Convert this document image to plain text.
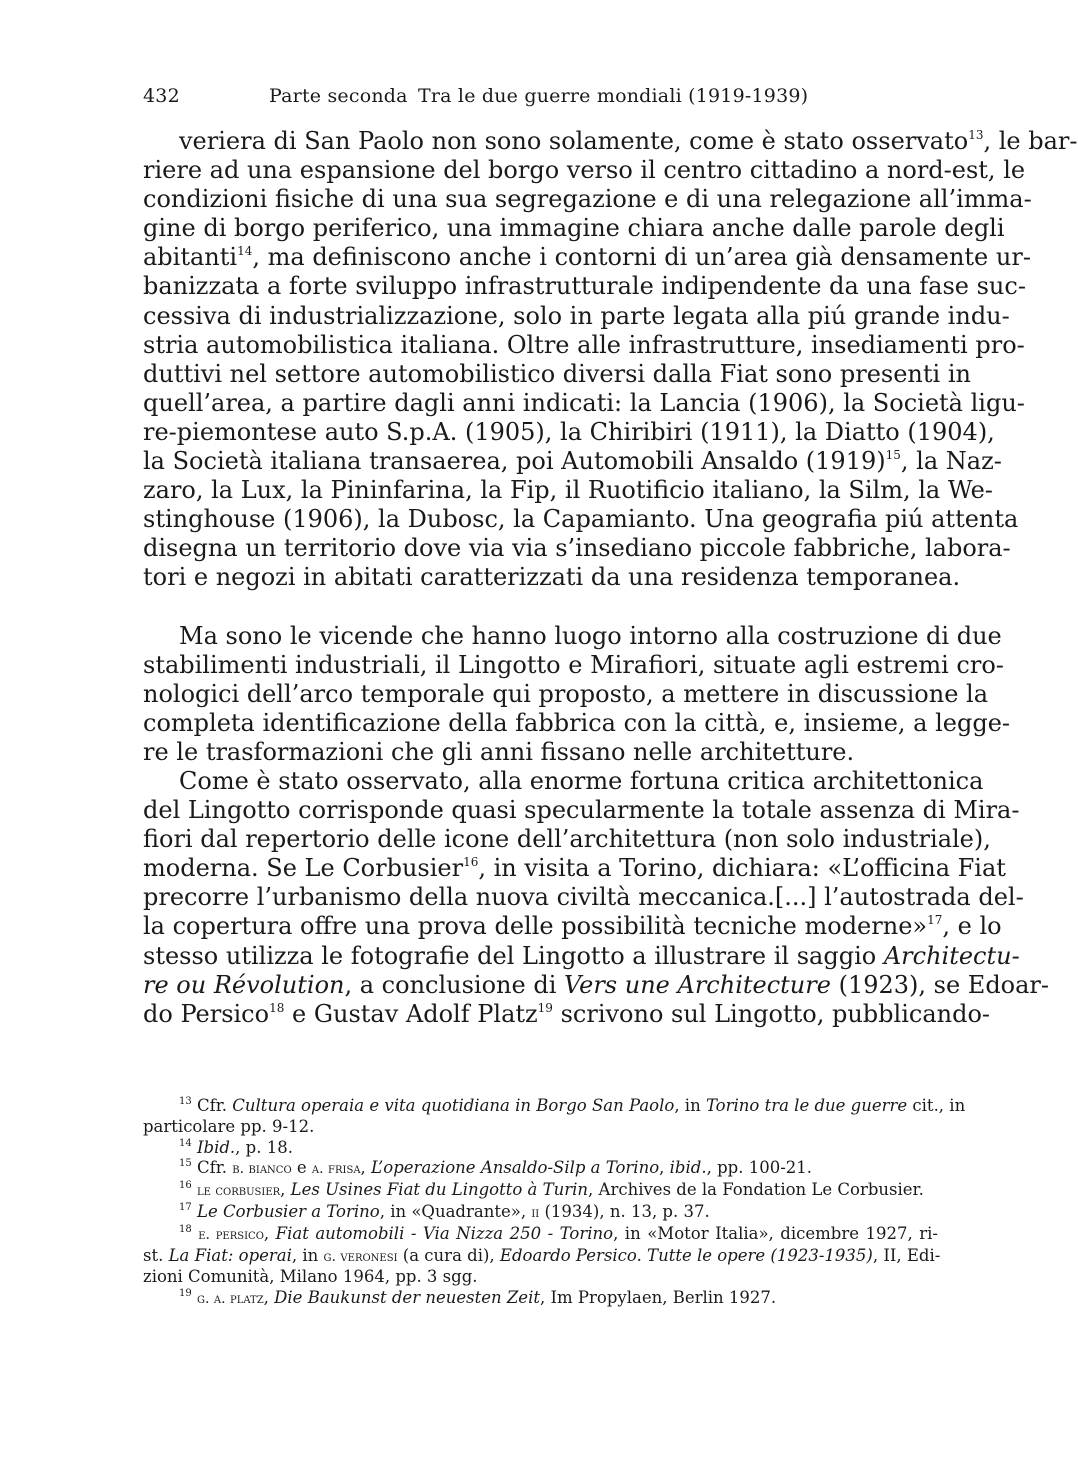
432	Parte seconda Tra le due guerre mondiali (1919-1939)
veriera di San Paolo non sono solamente, come è stato osservato$^{13}$, le bar-
riere ad una espansione del borgo verso il centro cittadino a nord-est, le
condizioni fisiche di una sua segregazione e di una relegazione all’imma-
gine di borgo periferico, una immagine chiara anche dalle parole degli
abitanti$^{14}$, ma definiscono anche i contorni di un’area già densamente ur-
banizzata a forte sviluppo infrastrutturale indipendente da una fase suc-
cessiva di industrializzazione, solo in parte legata alla piú grande indu-
stria automobilistica italiana. Oltre alle infrastrutture, insediamenti pro-
duttivi nel settore automobilistico diversi dalla Fiat sono presenti in
quell’area, a partire dagli anni indicati: la Lancia (1906), la Società ligu-
re-piemontese auto S.p.A. (1905), la Chiribiri (1911), la Diatto (1904),
la Società italiana transaerea, poi Automobili Ansaldo $(1919)^{15}$, la Naz-
zaro, la Lux, la Pininfarina, la Fip, il Ruotificio italiano, la Silm, la We-
stinghouse (1906), la Dubosc, la Capamianto. Una geografia piú attenta
disegna un territorio dove via via s’insediano piccole fabbriche, labora-
tori e negozi in abitati caratterizzati da una residenza temporanea.
Ma sono le vicende che hanno luogo intorno alla costruzione di due
stabilimenti industriali, il Lingotto e Mirafiori, situate agli estremi cro-
nologici dell’arco temporale qui proposto, a mettere in discussione la
completa identificazione della fabbrica con la città, e, insieme, a legge-
re le trasformazioni che gli anni fissano nelle architetture.
Come è stato osservato, alla enorme fortuna critica architettonica
del Lingotto corrisponde quasi specularmente la totale assenza di Mira-
fiori dal repertorio delle icone dell’architettura (non solo industriale),
moderna. Se Le Corbusier$^{16}$, in visita a Torino, dichiara: «L’officina Fiat
precorre l’urbanismo della nuova civiltà meccanica.[...] l’autostrada del-
la copertura offre una prova delle possibilità tecniche moderne»$^{17}$, e lo
stesso utilizza le fotografie del Lingotto a illustrare il saggio Architectu-
re ou Révolution, a conclusione di Vers une Architecture (1923), se Edoar-
do Persico$^{18}$ e Gustav Adolf Platz$^{19}$ scrivono sul Lingotto, pubblicando-
$^{13}$ Cfr. Cultura operaia e vita quotidiana in Borgo San Paolo, in Torino tra le due guerre cit., in
particolare pp. 9-12.
$^{14}$ Ibid., p. 18.
$^{15}$ Cfr. b. bianco e a. frisa, L’operazione Ansaldo-Silp a Torino, ibid., pp. 100-21.
$^{16}$ le corbusier, Les Usines Fiat du Lingotto à Turin, Archives de la Fondation Le Corbusier.
$^{17}$ Le Corbusier a Torino, in «Quadrante», ii (1934), n. 13, p. 37.
$^{18}$ e. persico, Fiat automobili - Via Nizza 250 - Torino, in «Motor Italia», dicembre 1927, ri-
st. La Fiat: operai, in g. veronesi (a cura di), Edoardo Persico. Tutte le opere (1923-1935), II, Edi-
zioni Comunità, Milano 1964, pp. 3 sgg.
$^{19}$ g. a. platz, Die Baukunst der neuesten Zeit, Im Propylaen, Berlin 1927.
